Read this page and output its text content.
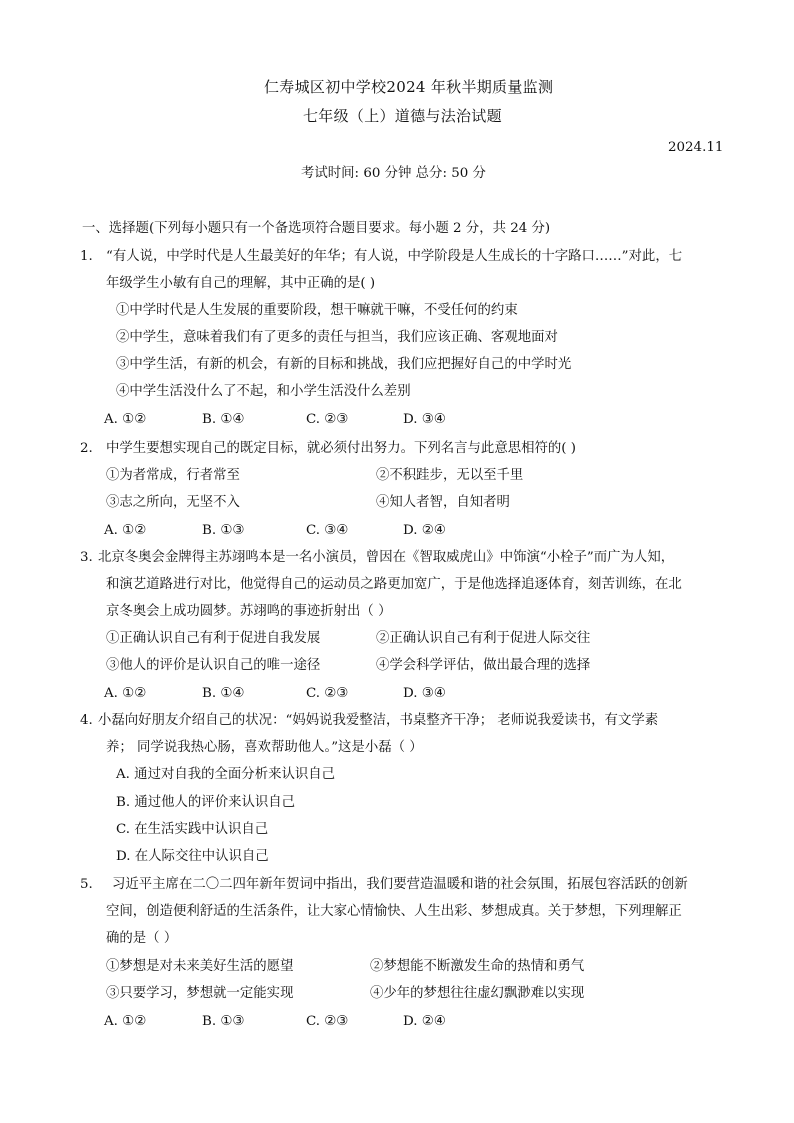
仁寿城区初中学校2024 年秋半期质量监测
七年级（上）道德与法治试题
2024.11
考试时间: 60 分钟 总分: 50 分
一、选择题(下列每小题只有一个备选项符合题目要求。每小题 2 分，共 24 分)
1. “有人说，中学时代是人生最美好的年华；有人说，中学阶段是人生成长的十字路口……”对此，七
年级学生小敏有自己的理解，其中正确的是( )
①中学时代是人生发展的重要阶段，想干嘛就干嘛，不受任何的约束
②中学生，意味着我们有了更多的责任与担当，我们应该正确、客观地面对
③中学生活，有新的机会，有新的目标和挑战，我们应把握好自己的中学时光
④中学生活没什么了不起，和小学生活没什么差别
A. ①②	B. ①④	C. ②③	D. ③④
2. 中学生要想实现自己的既定目标，就必须付出努力。下列名言与此意思相符的( )
①为者常成，行者常至	②不积跬步，无以至千里
③志之所向，无坚不入	④知人者智，自知者明
A. ①②	B. ①③	C. ③④	D. ②④
3. 北京冬奥会金牌得主苏翊鸣本是一名小演员，曾因在《智取威虎山》中饰演“小栓子”而广为人知，
和演艺道路进行对比，他觉得自己的运动员之路更加宽广，于是他选择追逐体育，刻苦训练，在北
京冬奥会上成功圆梦。苏翊鸣的事迹折射出（ ）
①正确认识自己有利于促进自我发展	②正确认识自己有利于促进人际交往
③他人的评价是认识自己的唯一途径	④学会科学评估，做出最合理的选择
A. ①②	B. ①④	C. ②③	D. ③④
4. 小磊向好朋友介绍自己的状况：“妈妈说我爱整洁，书桌整齐干净； 老师说我爱读书，有文学素
养； 同学说我热心肠，喜欢帮助他人。”这是小磊（ ）
A. 通过对自我的全面分析来认识自己
B. 通过他人的评价来认识自己
C. 在生活实践中认识自己
D. 在人际交往中认识自己
5. 习近平主席在二〇二四年新年贺词中指出，我们要营造温暖和谐的社会氛围，拓展包容活跃的创新
空间，创造便利舒适的生活条件，让大家心情愉快、人生出彩、梦想成真。关于梦想，下列理解正
确的是（ ）
①梦想是对未来美好生活的愿望	②梦想能不断激发生命的热情和勇气
③只要学习，梦想就一定能实现	④少年的梦想往往虚幻飘渺难以实现
A. ①②	B. ①③	C. ②③	D. ②④
